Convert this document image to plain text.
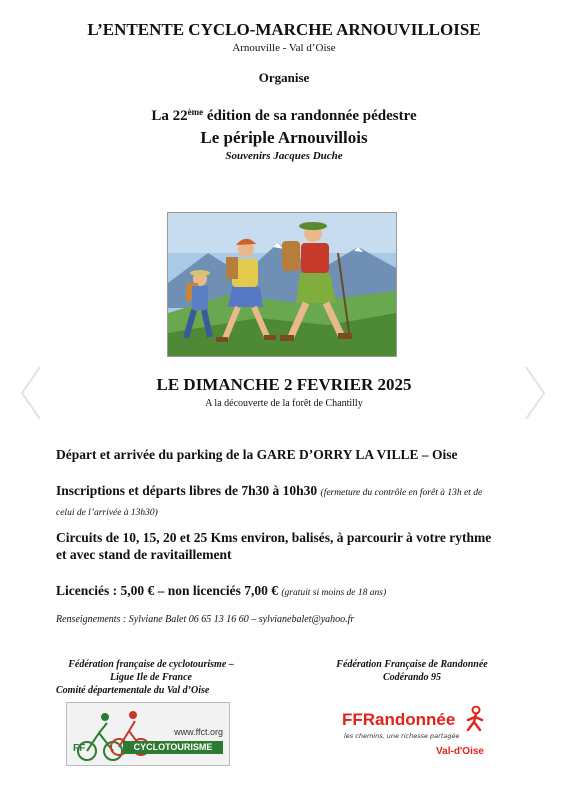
L’ENTENTE CYCLO-MARCHE ARNOUVILLOISE
Arnouville - Val d’Oise
Organise
La 22ème édition de sa randonnée pédestre
Le périple Arnouvillois
Souvenirs Jacques Duche
LE DIMANCHE 2 FEVRIER 2025
A la découverte de la forêt de Chantilly
Départ et arrivée du parking de la GARE D’ORRY LA VILLE – Oise
Inscriptions et départs libres de 7h30 à 10h30 (fermeture du contrôle en forêt à 13h et de
celui de l’arrivée à 13h30)
Circuits de 10, 15, 20 et 25 Kms environ, balisés, à parcourir à votre rythme
et avec stand de ravitaillement
Licenciés : 5,00 € – non licenciés 7,00 € (gratuit si moins de 18 ans)
Renseignements : Sylviane Balet 06 65 13 16 60 – sylvianebalet@yahoo.fr
Fédération française de cyclotourisme –
Ligue Ile de France
Comité départementale du Val d’Oise
Fédération Française de Randonnée
Codérando 95
www.ffct.org
FF	CYCLOTOURISME
FFRandonnée
les chemins, une richesse partagée
Val-d'Oise
